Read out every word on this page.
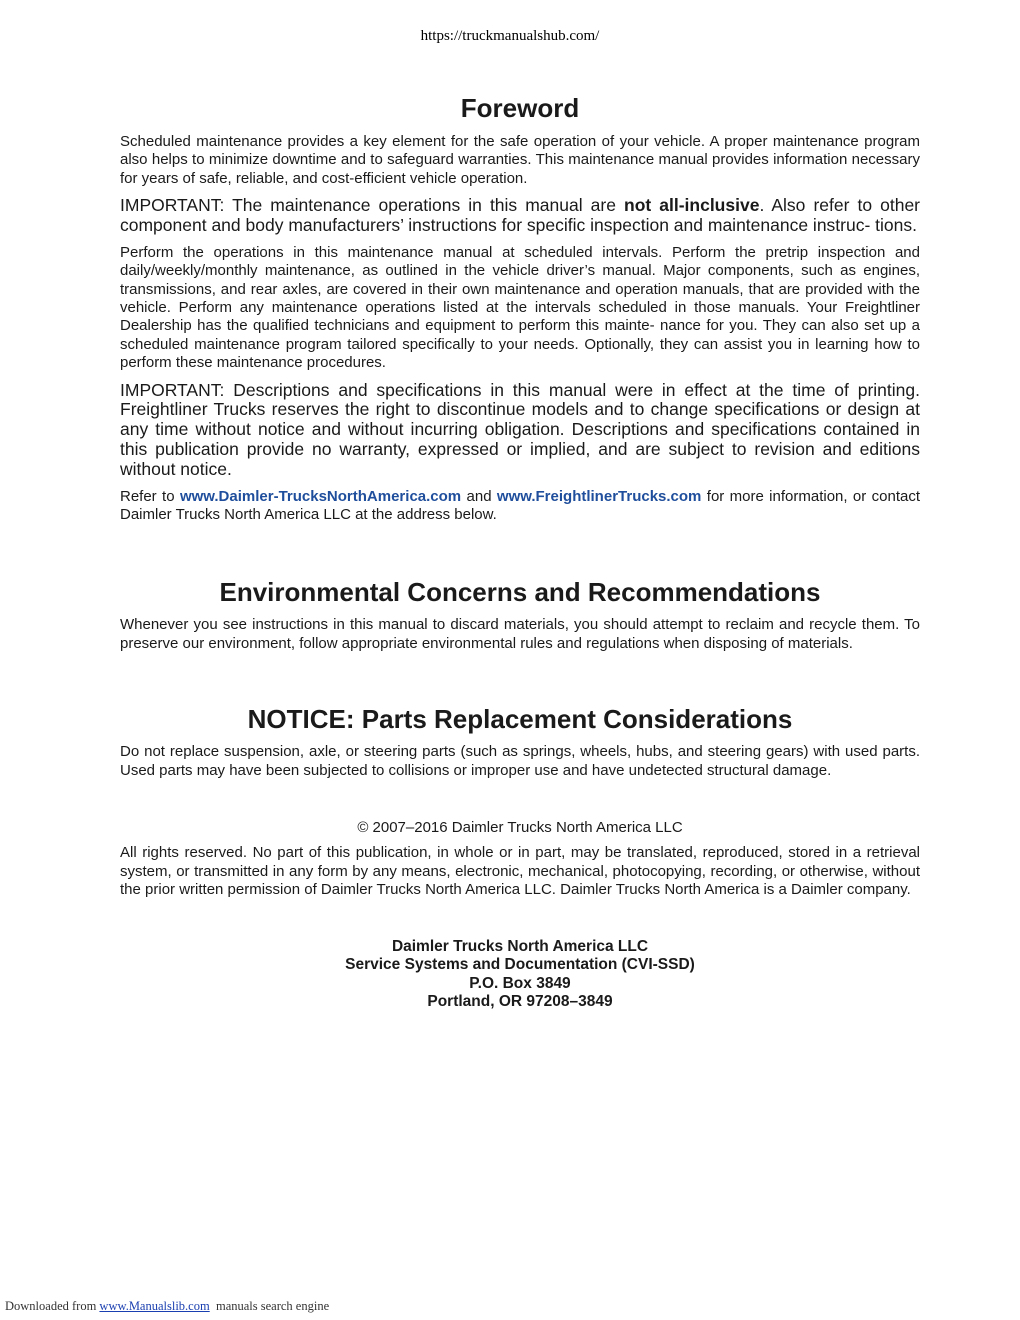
https://truckmanualshub.com/
Foreword

Scheduled maintenance provides a key element for the safe operation of your vehicle. A proper maintenance program also helps to minimize downtime and to safeguard warranties. This maintenance manual provides information necessary for years of safe, reliable, and cost-efficient vehicle operation.

IMPORTANT: The maintenance operations in this manual are not all-inclusive. Also refer to other component and body manufacturers’ instructions for specific inspection and maintenance instruc- tions.

Perform the operations in this maintenance manual at scheduled intervals. Perform the pretrip inspection and daily/weekly/monthly maintenance, as outlined in the vehicle driver’s manual. Major components, such as engines, transmissions, and rear axles, are covered in their own maintenance and operation manuals, that are provided with the vehicle. Perform any maintenance operations listed at the intervals scheduled in those manuals. Your Freightliner Dealership has the qualified technicians and equipment to perform this mainte- nance for you. They can also set up a scheduled maintenance program tailored specifically to your needs. Optionally, they can assist you in learning how to perform these maintenance procedures.

IMPORTANT: Descriptions and specifications in this manual were in effect at the time of printing. Freightliner Trucks reserves the right to discontinue models and to change specifications or design at any time without notice and without incurring obligation. Descriptions and specifications contained in this publication provide no warranty, expressed or implied, and are subject to revision and editions without notice.

Refer to www.Daimler-TrucksNorthAmerica.com and www.FreightlinerTrucks.com for more information, or contact Daimler Trucks North America LLC at the address below.

Environmental Concerns and Recommendations

Whenever you see instructions in this manual to discard materials, you should attempt to reclaim and recycle them. To preserve our environment, follow appropriate environmental rules and regulations when disposing of materials.

NOTICE: Parts Replacement Considerations

Do not replace suspension, axle, or steering parts (such as springs, wheels, hubs, and steering gears) with used parts. Used parts may have been subjected to collisions or improper use and have undetected structural damage.

© 2007–2016 Daimler Trucks North America LLC

All rights reserved. No part of this publication, in whole or in part, may be translated, reproduced, stored in a retrieval system, or transmitted in any form by any means, electronic, mechanical, photocopying, recording, or otherwise, without the prior written permission of Daimler Trucks North America LLC. Daimler Trucks North America is a Daimler company.

Daimler Trucks North America LLC
Service Systems and Documentation (CVI-SSD)
P.O. Box 3849
Portland, OR 97208–3849
Downloaded from www.Manualslib.com  manuals search engine
